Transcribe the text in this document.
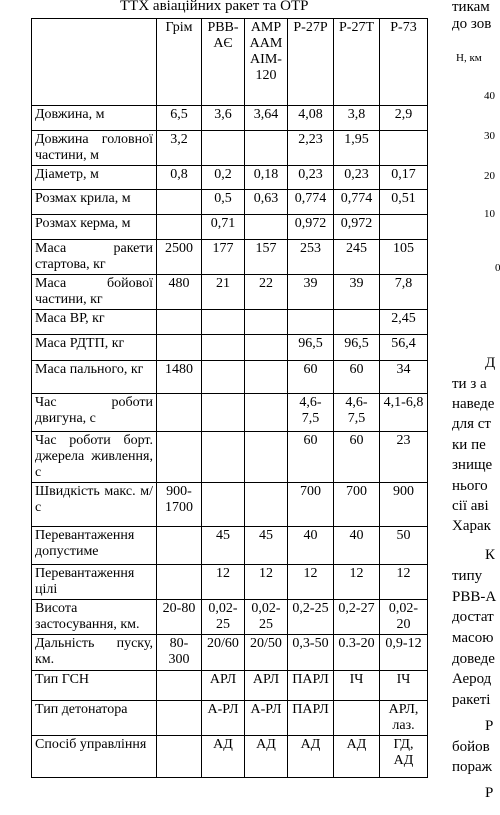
ТТХ авіаційних ракет та ОТР
	Грім	РВВ-АЄ	AMP AAM AIM-120	Р-27Р	Р-27Т	Р-73
Довжина, м	6,5	3,6	3,64	4,08	3,8	2,9
Довжина головної частини, м	3,2			2,23	1,95	
Діаметр, м	0,8	0,2	0,18	0,23	0,23	0,17
Розмах крила, м		0,5	0,63	0,774	0,774	0,51
Розмах керма, м		0,71		0,972	0,972	
Маса ракети стартова, кг	2500	177	157	253	245	105
Маса бойової частини, кг	480	21	22	39	39	7,8
Маса ВР, кг						2,45
Маса РДТП, кг				96,5	96,5	56,4
Маса пального, кг	1480			60	60	34
Час роботи двигуна, с				4,6-7,5	4,6-7,5	4,1-6,8
Час роботи борт. джерела живлення, с				60	60	23
Швидкість макс. м/с	900-1700			700	700	900
Перевантаження допустиме		45	45	40	40	50
Перевантаження цілі		12	12	12	12	12
Висота застосування, км.	20-80	0,02-25	0,02-25	0,2-25	0,2-27	0,02-20
Дальність пуску, км.	80-300	20/60	20/50	0,3-50	0.3-20	0,9-12
Тип ГСН		АРЛ	АРЛ	ПАРЛ	ІЧ	ІЧ
Тип детонатора		А-РЛ	А-РЛ	ПАРЛ		АРЛ, лаз.
Спосіб управління		АД	АД	АД	АД	ГД, АД
тикам
до зов
Д
ти з а
наведе
для ст
ки пе
знище
нього
сії аві
Харак
К
типу
РВВ-А
достат
масою
доведе
Аерод
ракеті
Р
бойов
пораж
Р
Н, км
40
30
20
10
0
